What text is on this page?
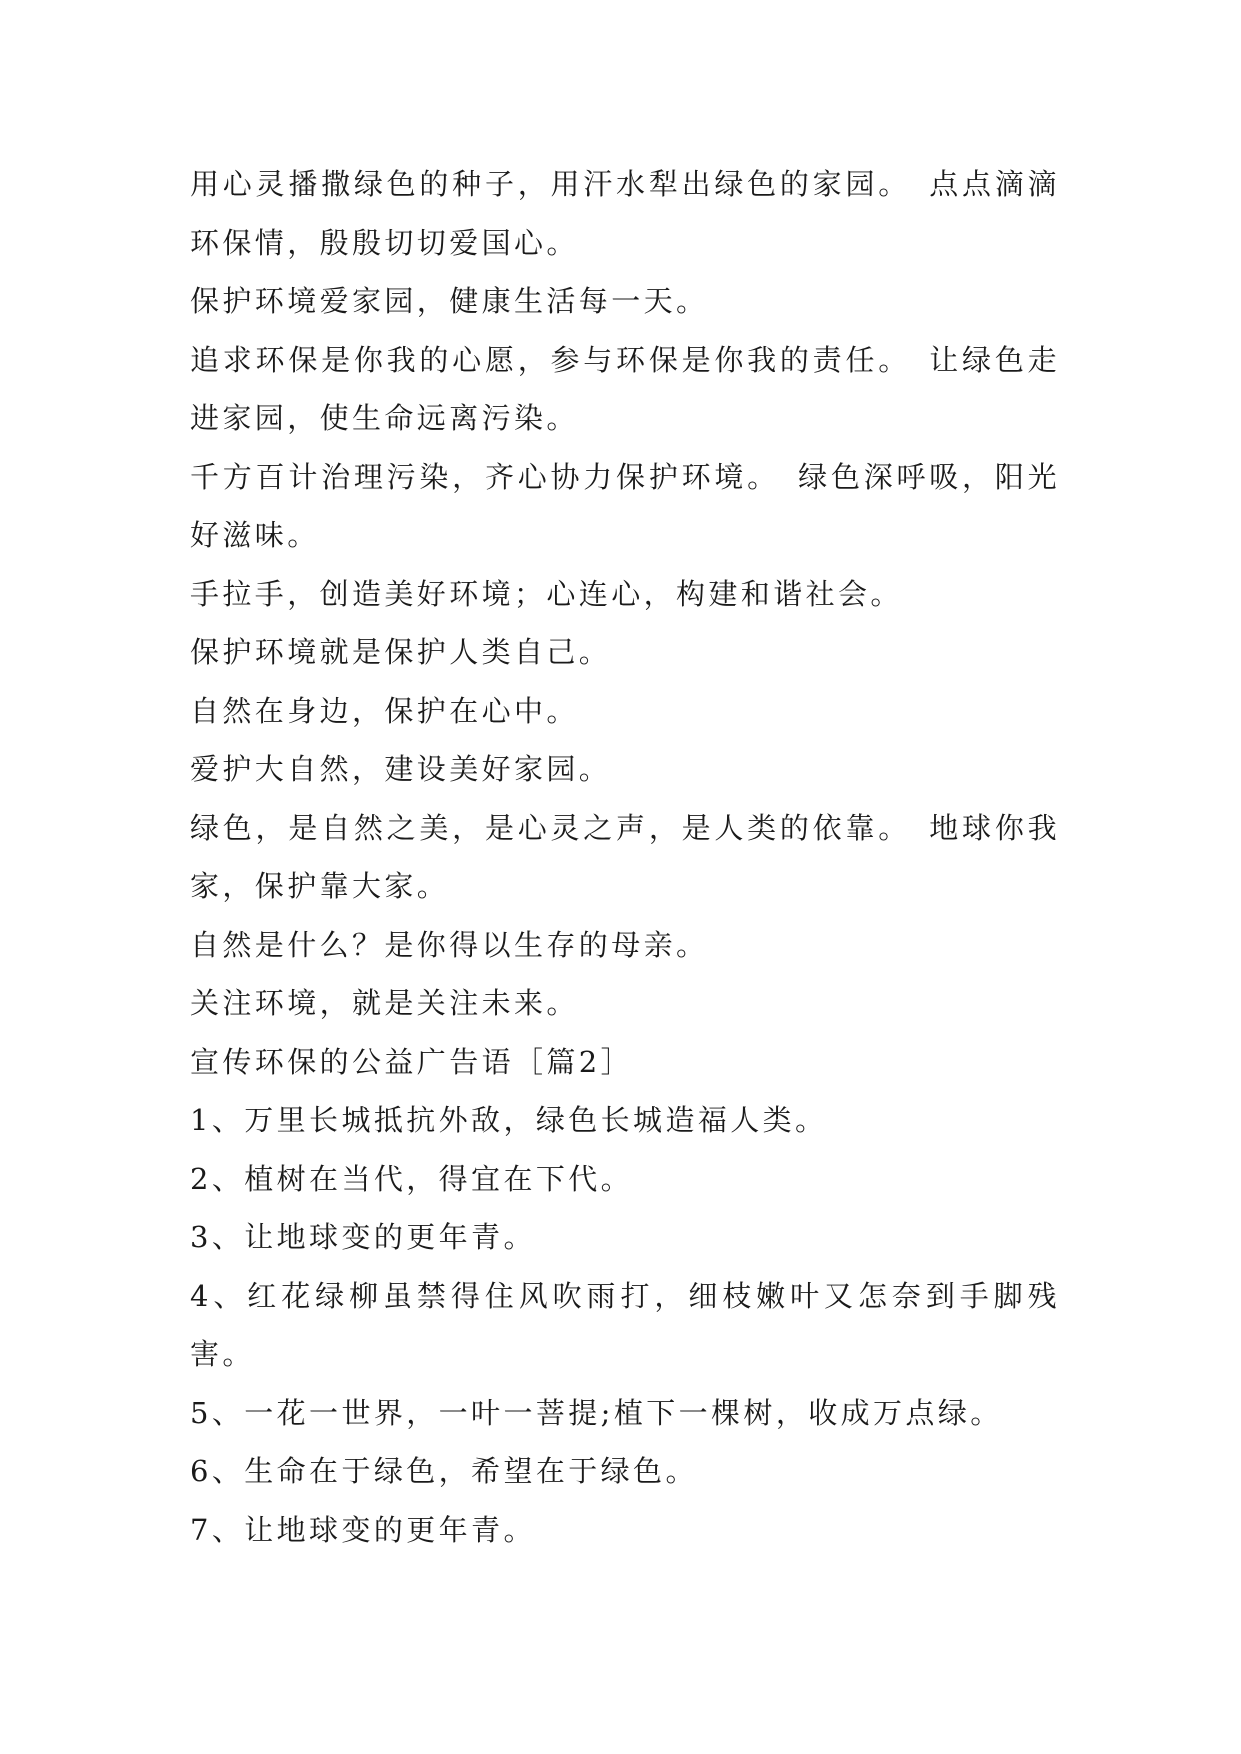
用心灵播撒绿色的种子，用汗水犁出绿色的家园。　点点滴滴环保情，殷殷切切爱国心。

保护环境爱家园，健康生活每一天。

追求环保是你我的心愿，参与环保是你我的责任。　让绿色走进家园，使生命远离污染。

千方百计治理污染，齐心协力保护环境。　绿色深呼吸，阳光好滋味。

手拉手，创造美好环境；心连心，构建和谐社会。

保护环境就是保护人类自己。

自然在身边，保护在心中。

爱护大自然，建设美好家园。

绿色，是自然之美，是心灵之声，是人类的依靠。　地球你我家，保护靠大家。

自然是什么？是你得以生存的母亲。

关注环境，就是关注未来。

宣传环保的公益广告语［篇2］

1、万里长城抵抗外敌，绿色长城造福人类。

2、植树在当代，得宜在下代。

3、让地球变的更年青。

4、红花绿柳虽禁得住风吹雨打，细枝嫩叶又怎奈到手脚残害。

5、一花一世界，一叶一菩提;植下一棵树，收成万点绿。

6、生命在于绿色，希望在于绿色。

7、让地球变的更年青。
